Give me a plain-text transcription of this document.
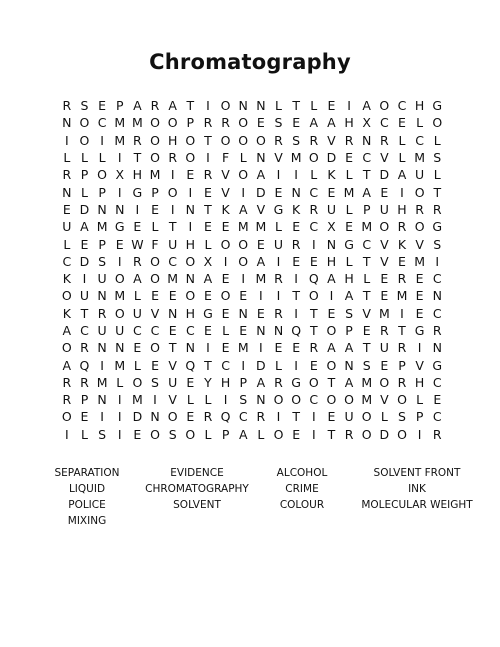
Chromatography
R S E P A R A T I O N N L T L E I A O C H G
N O C M M O O P R R O E S E A A H X C E L O
I O I M R O H O T O O O R S R V R N R L C L
L L L I T O R O I F L N V M O D E C V L M S
R P O X H M I E R V O A I	I L K L T D A U L
N L P I G P O I E V I D E N C E M A E I O T
E D N N I E I N T K A V G K R U L P U H R R
U A M G E L T I E E M M L E C X E M O R O G
L E P E W F U H L O O E U R I N G C V K V S
C D S I R O C O X I O A I E E H L T V E M I
K I U O A O M N A E I M R I Q A H L E R E C
O U N M L E E O E O E I	I T O I A T E M E N
K T R O U V N H G E N E R I T E S V M I E C
A C U U C C E C E L E N N Q T O P E R T G R
O R N N E O T N I E M I E E R A A T U R I N
A Q I M L E V Q T C I D L I E O N S E P V G
R R M L O S U E Y H P A R G O T A M O R H C
R P N I M I V L L I S N O O C O O M V O L E
O E I	I D N O E R Q C R I T I E U O L S P C
I L S I E O S O L P A L O E I T R O D O I R
SEPARATION	EVIDENCE	ALCOHOL	SOLVENT FRONT
LIQUID	CHROMATOGRAPHY	CRIME	INK
POLICE	SOLVENT	COLOUR	MOLECULAR WEIGHT
MIXING
